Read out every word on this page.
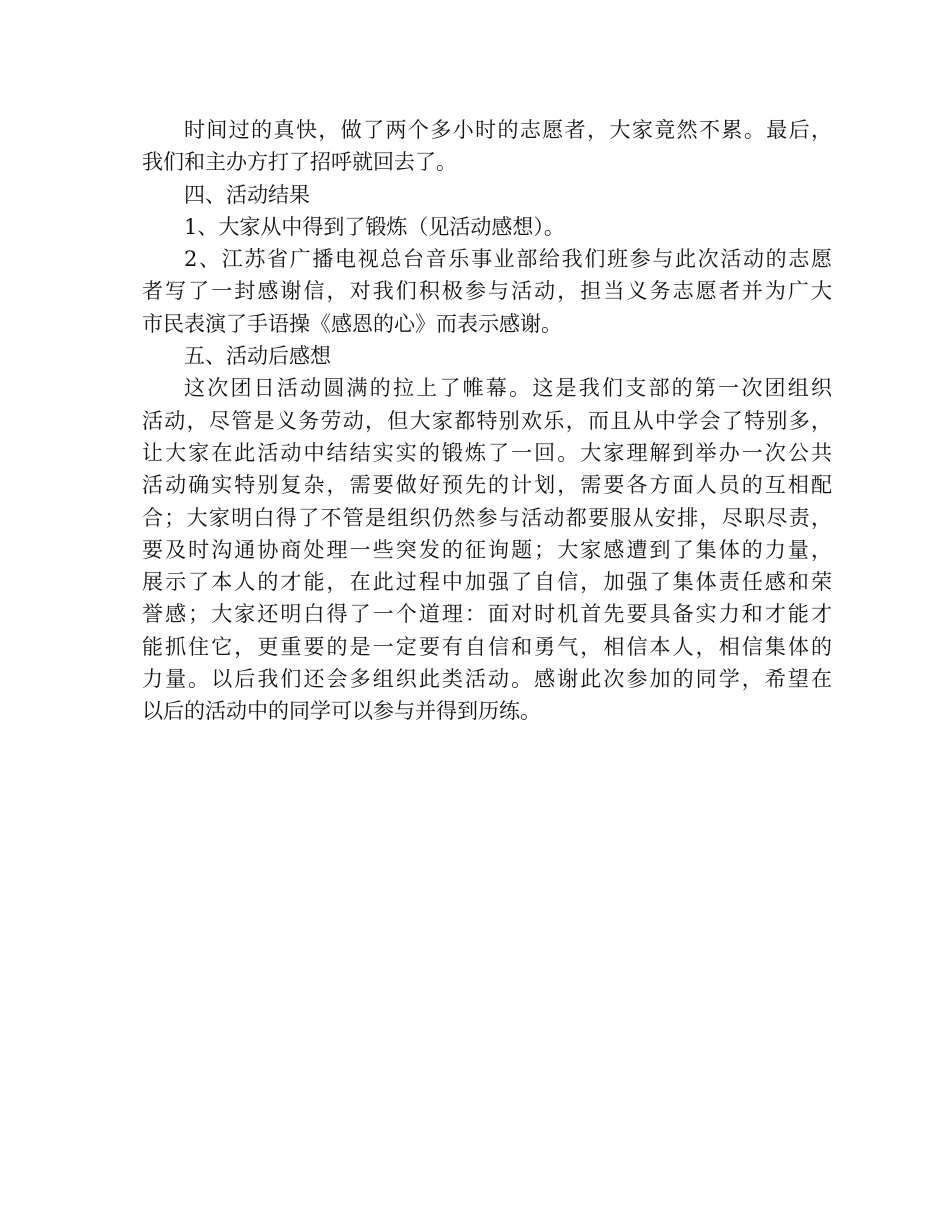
时间过的真快，做了两个多小时的志愿者，大家竟然不累。最后，
我们和主办方打了招呼就回去了。
四、活动结果
1、大家从中得到了锻炼（见活动感想）。
2、江苏省广播电视总台音乐事业部给我们班参与此次活动的志愿
者写了一封感谢信，对我们积极参与活动，担当义务志愿者并为广大
市民表演了手语操《感恩的心》而表示感谢。
五、活动后感想
这次团日活动圆满的拉上了帷幕。这是我们支部的第一次团组织
活动，尽管是义务劳动，但大家都特别欢乐，而且从中学会了特别多，
让大家在此活动中结结实实的锻炼了一回。大家理解到举办一次公共
活动确实特别复杂，需要做好预先的计划，需要各方面人员的互相配
合；大家明白得了不管是组织仍然参与活动都要服从安排，尽职尽责，
要及时沟通协商处理一些突发的征询题；大家感遭到了集体的力量，
展示了本人的才能，在此过程中加强了自信，加强了集体责任感和荣
誉感；大家还明白得了一个道理：面对时机首先要具备实力和才能才
能抓住它，更重要的是一定要有自信和勇气，相信本人，相信集体的
力量。以后我们还会多组织此类活动。感谢此次参加的同学，希望在
以后的活动中的同学可以参与并得到历练。
